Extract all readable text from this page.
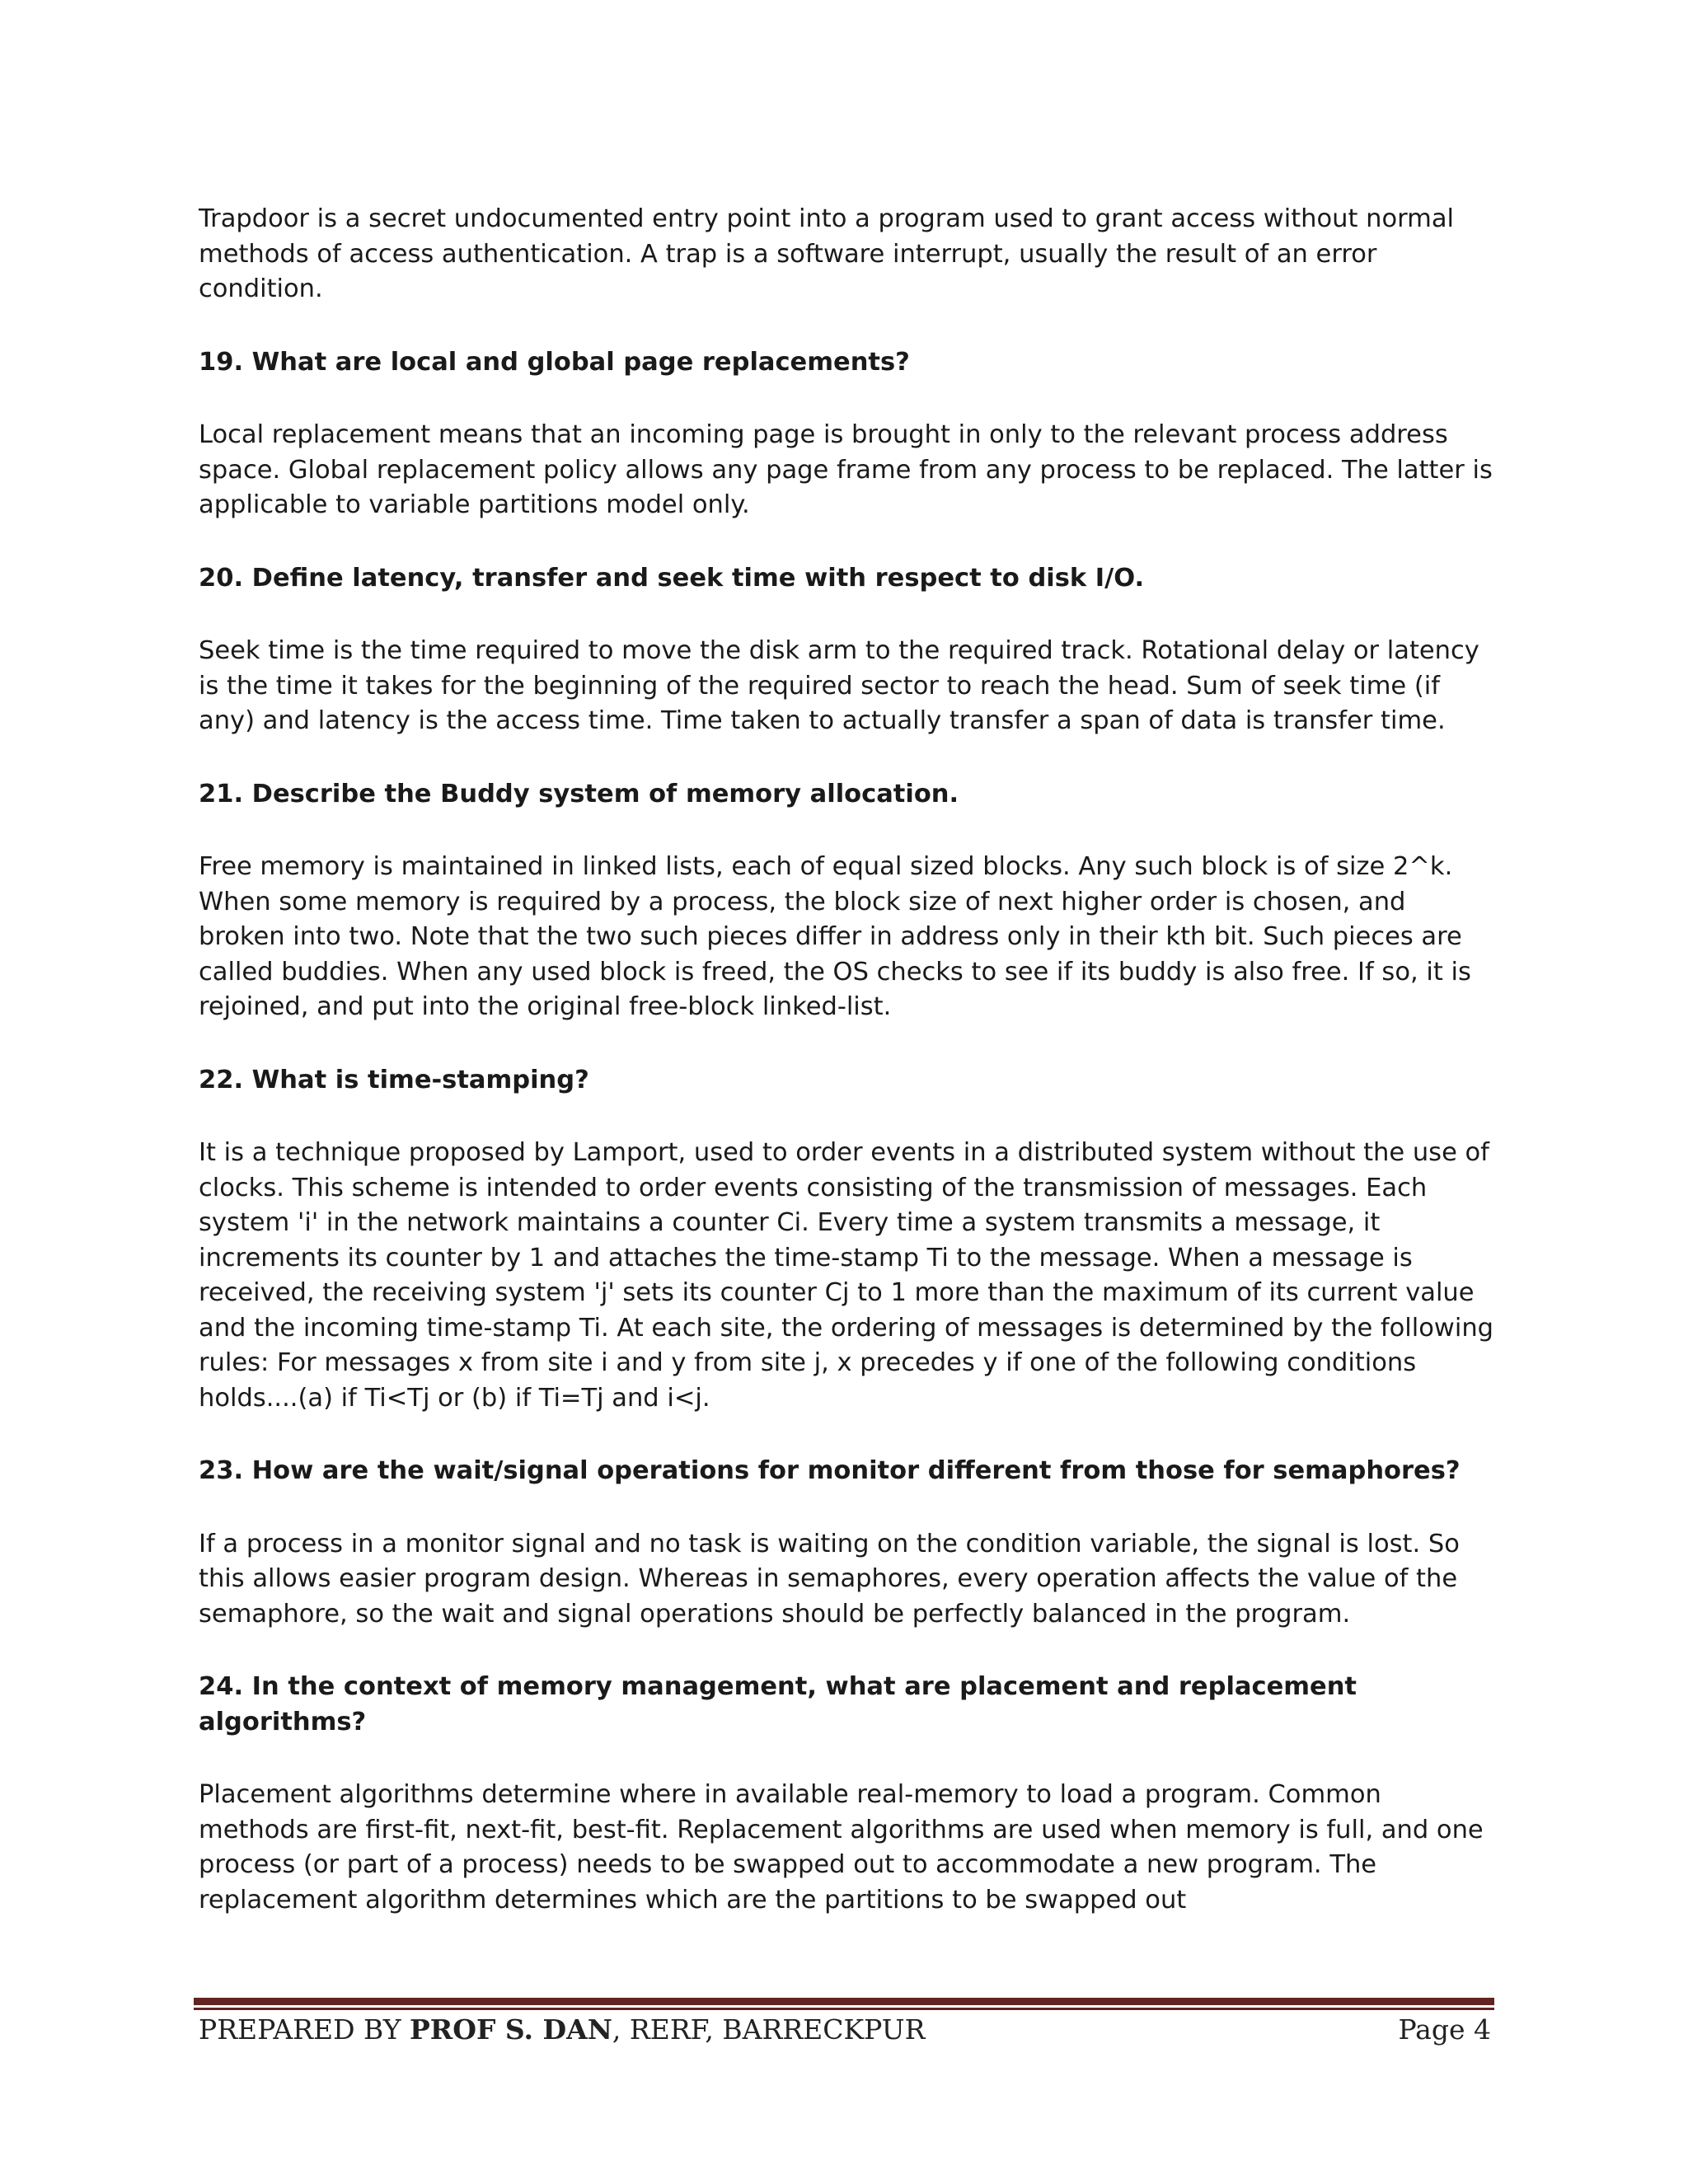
Trapdoor is a secret undocumented entry point into a program used to grant access without normal methods of access authentication. A trap is a software interrupt, usually the result of an error condition.

19. What are local and global page replacements?

Local replacement means that an incoming page is brought in only to the relevant process address space. Global replacement policy allows any page frame from any process to be replaced. The latter is applicable to variable partitions model only.

20. Define latency, transfer and seek time with respect to disk I/O.

Seek time is the time required to move the disk arm to the required track. Rotational delay or latency is the time it takes for the beginning of the required sector to reach the head. Sum of seek time (if any) and latency is the access time. Time taken to actually transfer a span of data is transfer time.

21. Describe the Buddy system of memory allocation.

Free memory is maintained in linked lists, each of equal sized blocks. Any such block is of size 2^k. When some memory is required by a process, the block size of next higher order is chosen, and broken into two. Note that the two such pieces differ in address only in their kth bit. Such pieces are called buddies. When any used block is freed, the OS checks to see if its buddy is also free. If so, it is rejoined, and put into the original free-block linked-list.

22. What is time-stamping?

It is a technique proposed by Lamport, used to order events in a distributed system without the use of clocks. This scheme is intended to order events consisting of the transmission of messages. Each system 'i' in the network maintains a counter Ci. Every time a system transmits a message, it increments its counter by 1 and attaches the time-stamp Ti to the message. When a message is received, the receiving system 'j' sets its counter Cj to 1 more than the maximum of its current value and the incoming time-stamp Ti. At each site, the ordering of messages is determined by the following rules: For messages x from site i and y from site j, x precedes y if one of the following conditions holds....(a) if Ti<Tj or (b) if Ti=Tj and i<j.

23. How are the wait/signal operations for monitor different from those for semaphores?

If a process in a monitor signal and no task is waiting on the condition variable, the signal is lost. So this allows easier program design. Whereas in semaphores, every operation affects the value of the semaphore, so the wait and signal operations should be perfectly balanced in the program.

24. In the context of memory management, what are placement and replacement algorithms?

Placement algorithms determine where in available real-memory to load a program. Common methods are first-fit, next-fit, best-fit. Replacement algorithms are used when memory is full, and one process (or part of a process) needs to be swapped out to accommodate a new program. The replacement algorithm determines which are the partitions to be swapped out

PREPARED BY PROF S. DAN, RERF, BARRECKPUR	Page 4
